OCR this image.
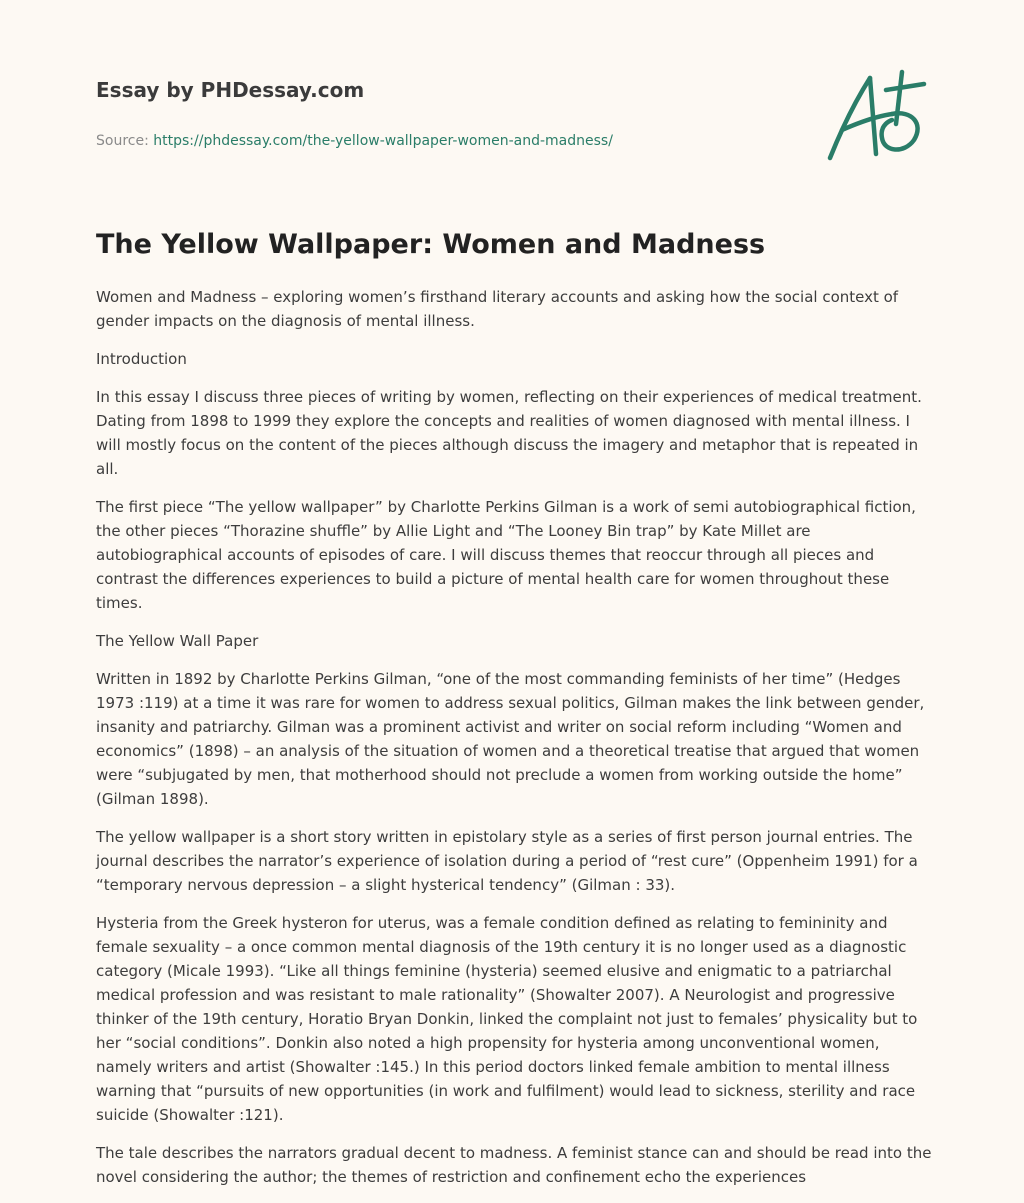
Essay by PHDessay.com
Source: https://phdessay.com/the-yellow-wallpaper-women-and-madness/
The Yellow Wallpaper: Women and Madness

Women and Madness – exploring women’s firsthand literary accounts and asking how the social context of gender impacts on the diagnosis of mental illness.

Introduction

In this essay I discuss three pieces of writing by women, reflecting on their experiences of medical treatment. Dating from 1898 to 1999 they explore the concepts and realities of women diagnosed with mental illness. I will mostly focus on the content of the pieces although discuss the imagery and metaphor that is repeated in all.

The first piece “The yellow wallpaper” by Charlotte Perkins Gilman is a work of semi autobiographical fiction, the other pieces “Thorazine shuffle” by Allie Light and “The Looney Bin trap” by Kate Millet are autobiographical accounts of episodes of care. I will discuss themes that reoccur through all pieces and contrast the differences experiences to build a picture of mental health care for women throughout these times.

The Yellow Wall Paper

Written in 1892 by Charlotte Perkins Gilman, “one of the most commanding feminists of her time” (Hedges 1973 :119) at a time it was rare for women to address sexual politics, Gilman makes the link between gender, insanity and patriarchy. Gilman was a prominent activist and writer on social reform including “Women and economics” (1898) – an analysis of the situation of women and a theoretical treatise that argued that women were “subjugated by men, that motherhood should not preclude a women from working outside the home” (Gilman 1898).

The yellow wallpaper is a short story written in epistolary style as a series of first person journal entries. The journal describes the narrator’s experience of isolation during a period of “rest cure” (Oppenheim 1991) for a “temporary nervous depression – a slight hysterical tendency” (Gilman : 33).

Hysteria from the Greek hysteron for uterus, was a female condition defined as relating to femininity and female sexuality – a once common mental diagnosis of the 19th century it is no longer used as a diagnostic category (Micale 1993). “Like all things feminine (hysteria) seemed elusive and enigmatic to a patriarchal medical profession and was resistant to male rationality” (Showalter 2007). A Neurologist and progressive thinker of the 19th century, Horatio Bryan Donkin, linked the complaint not just to females’ physicality but to her “social conditions”. Donkin also noted a high propensity for hysteria among unconventional women, namely writers and artist (Showalter :145.) In this period doctors linked female ambition to mental illness warning that “pursuits of new opportunities (in work and fulfilment) would lead to sickness, sterility and race suicide (Showalter :121).

The tale describes the narrators gradual decent to madness. A feminist stance can and should be read into the novel considering the author; the themes of restriction and confinement echo the experiences
